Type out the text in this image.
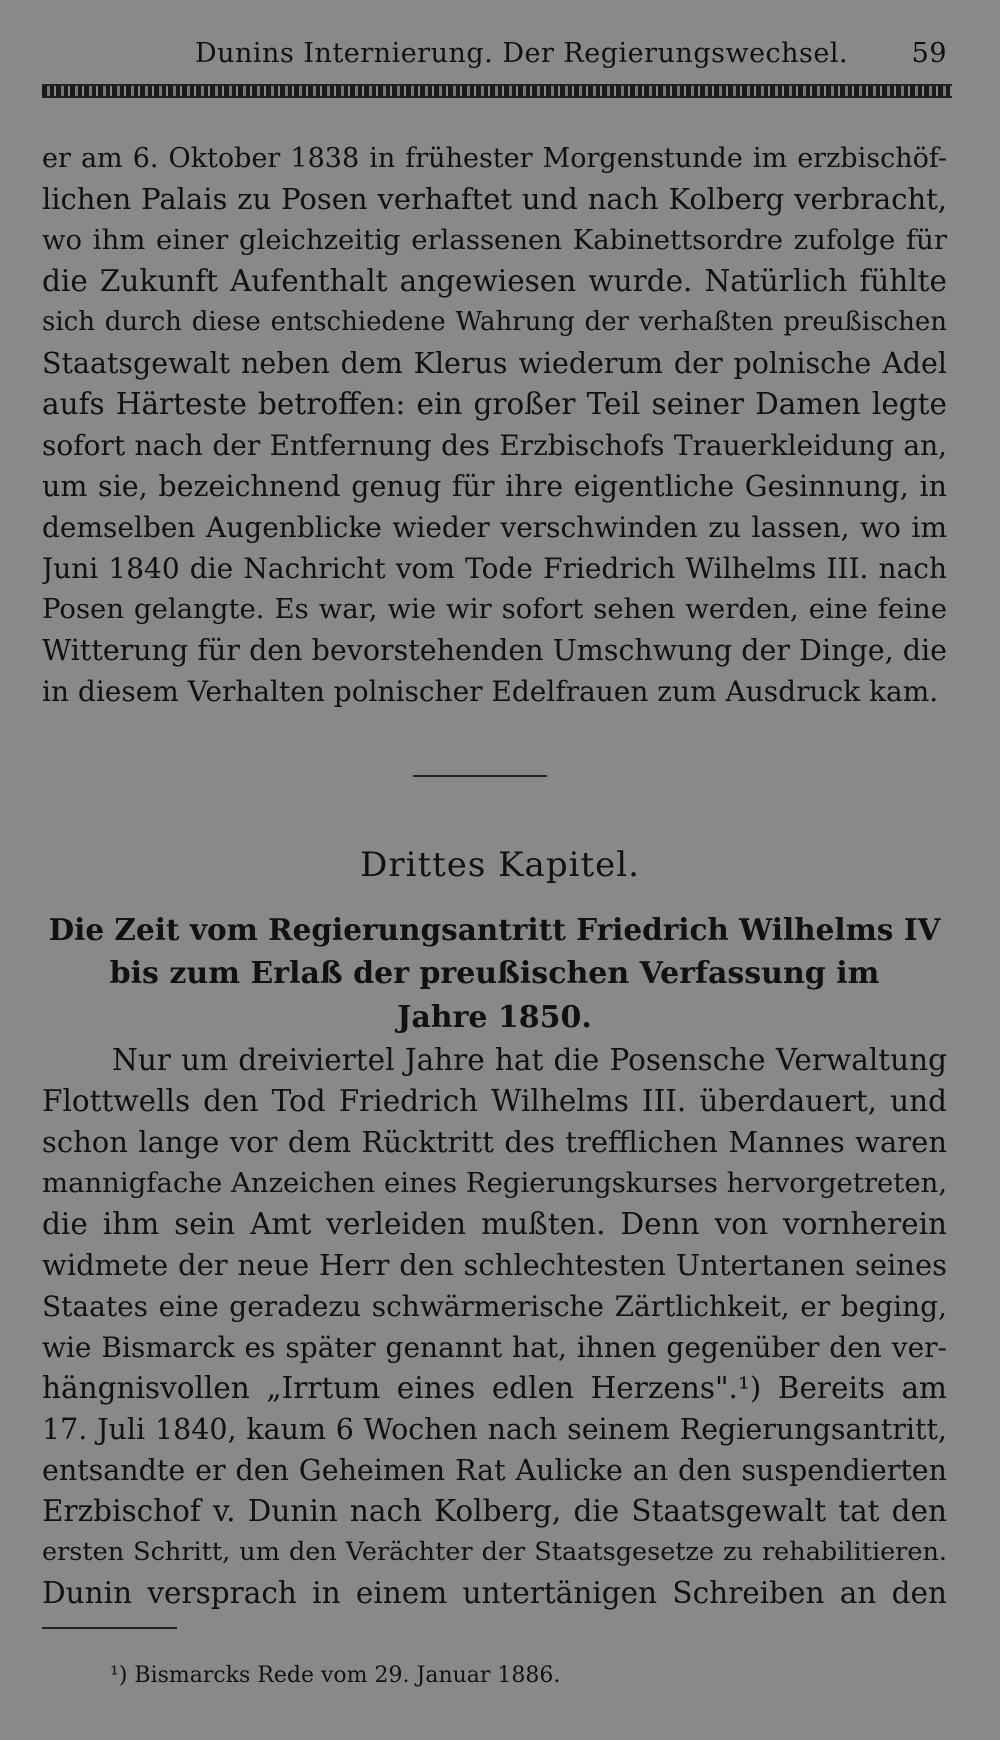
Dunins Internierung. Der Regierungswechsel. 59
er am 6. Oktober 1838 in frühester Morgenstunde im erzbischöf-
lichen Palais zu Posen verhaftet und nach Kolberg verbracht,
wo ihm einer gleichzeitig erlassenen Kabinettsordre zufolge für
die Zukunft Aufenthalt angewiesen wurde. Natürlich fühlte
sich durch diese entschiedene Wahrung der verhaßten preußischen
Staatsgewalt neben dem Klerus wiederum der polnische Adel
aufs Härteste betroffen: ein großer Teil seiner Damen legte
sofort nach der Entfernung des Erzbischofs Trauerkleidung an,
um sie, bezeichnend genug für ihre eigentliche Gesinnung, in
demselben Augenblicke wieder verschwinden zu lassen, wo im
Juni 1840 die Nachricht vom Tode Friedrich Wilhelms III. nach
Posen gelangte. Es war, wie wir sofort sehen werden, eine feine
Witterung für den bevorstehenden Umschwung der Dinge, die
in diesem Verhalten polnischer Edelfrauen zum Ausdruck kam.
Drittes Kapitel.
Die Zeit vom Regierungsantritt Friedrich Wilhelms IV
bis zum Erlaß der preußischen Verfassung im
Jahre 1850.
Nur um dreiviertel Jahre hat die Posensche Verwaltung
Flottwells den Tod Friedrich Wilhelms III. überdauert, und
schon lange vor dem Rücktritt des trefflichen Mannes waren
mannigfache Anzeichen eines Regierungskurses hervorgetreten,
die ihm sein Amt verleiden mußten. Denn von vornherein
widmete der neue Herr den schlechtesten Untertanen seines
Staates eine geradezu schwärmerische Zärtlichkeit, er beging,
wie Bismarck es später genannt hat, ihnen gegenüber den ver-
hängnisvollen „Irrtum eines edlen Herzens".¹) Bereits am
17. Juli 1840, kaum 6 Wochen nach seinem Regierungsantritt,
entsandte er den Geheimen Rat Aulicke an den suspendierten
Erzbischof v. Dunin nach Kolberg, die Staatsgewalt tat den
ersten Schritt, um den Verächter der Staatsgesetze zu rehabilitieren.
Dunin versprach in einem untertänigen Schreiben an den
¹) Bismarcks Rede vom 29. Januar 1886.
